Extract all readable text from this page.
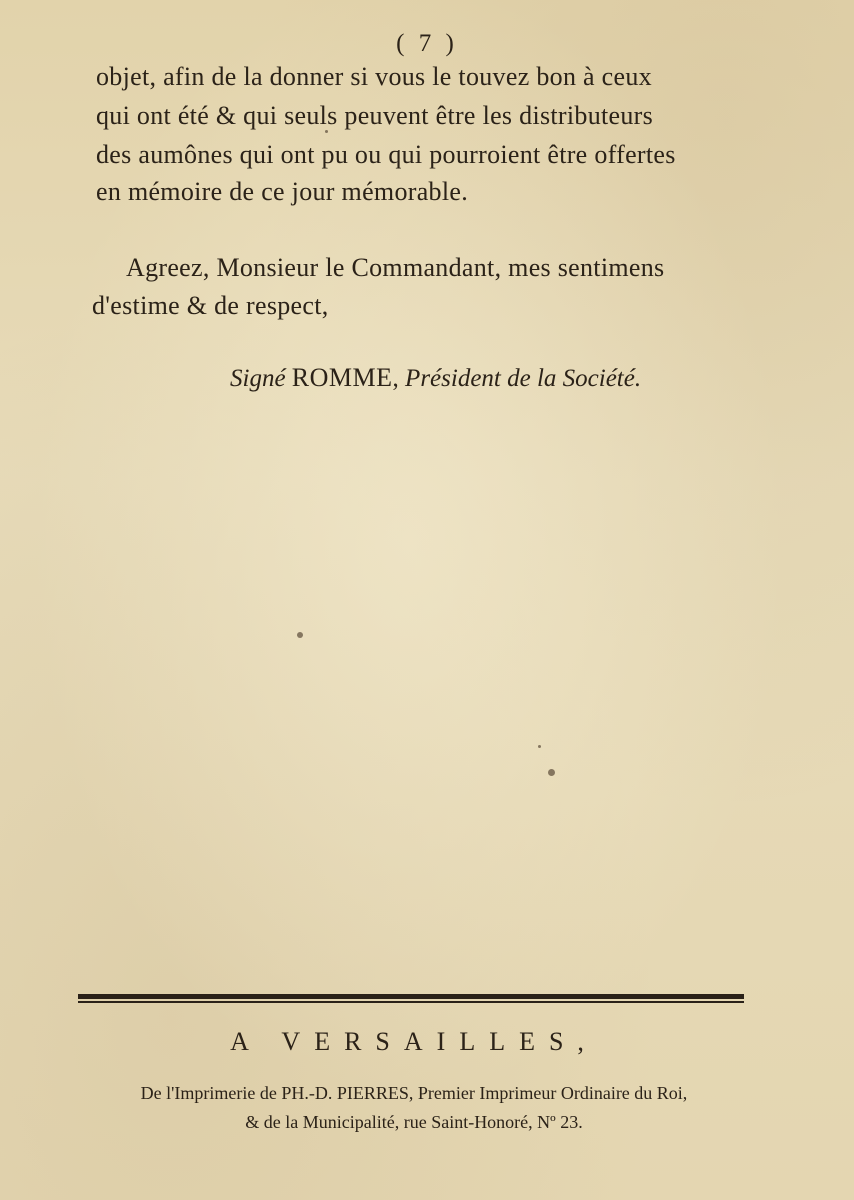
( 7 )
objet, afin de la donner si vous le touvez bon à ceux
qui ont été & qui seuls peuvent être les distributeurs
des aumônes qui ont pu ou qui pourroient être offertes
en mémoire de ce jour mémorable.
Agreez, Monsieur le Commandant, mes sentimens
d'estime & de respect,
Signé ROMME, Président de la Société.
A VERSAILLES,
De l'Imprimerie de PH.-D. PIERRES, Premier Imprimeur Ordinaire du Roi,
& de la Municipalité, rue Saint-Honoré, Nº 23.
